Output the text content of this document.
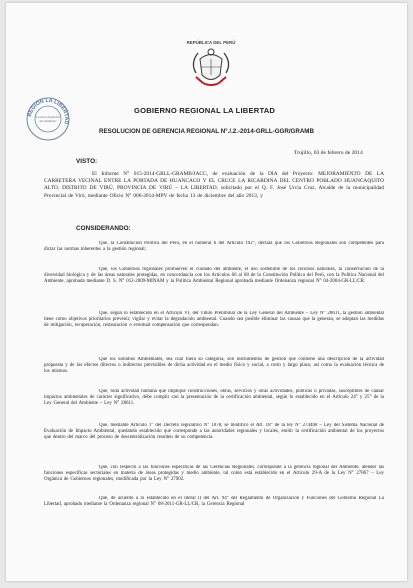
REGION LA LIBERTAD
Gerencia Regional
del Ambiente
REPÚBLICA DEL PERÚ
GOBIERNO REGIONAL LA LIBERTAD
RESOLUCION DE GERENCIA REGIONAL N°./.2.-2014-GRLL-GGR/GRAMB
Trujillo, 03 de febrero de 2014
VISTO:
El Informe N° 015-2014-GRLL-GRAMB/JACC, de evaluación de la DIA del Proyecto: MEJORAMIENTO DE LA CARRETERA VECINAL ENTRE LA PORTADA DE HUANCACO Y EL CRUCE LA RICARDINA DEL CENTRO POBLADO HUANCAQUITO ALTO, DISTRITO DE VIRÚ, PROVINCIA DE VIRÚ – LA LIBERTAD, solicitado por el Q. F. José Urcia Cruz, Alcalde de la municipalidad Provincial de Virú, mediante Oficio N° 006-2014-MPV de fecha 13 de diciembre del año 2013, y
CONSIDERANDO:
Que, la Constitución Política del Perú, en el numeral 6 del Artículo 192°, declara que los Gobiernos Regionales son competentes para dictar las normas inherentes a la gestión regional;
Que, los Gobiernos regionales promueven el cuidado del ambiente, el uso sostenible de los recursos naturales, la conservación de la diversidad biológica y de las áreas naturales protegidas, en concordancia con los Artículos 66 al 68 de la Constitución Política del Perú, con la Política Nacional del Ambiente, aprobada mediante D. S. N° 012-2009-MINAM y la Política Ambiental Regional aprobada mediante Ordenanza regional N° 04-2004-GR-LL/CR.
Que, según lo establecido en el Artículo VI, del Título Preliminar de la Ley General del Ambiente – Ley N° 28611, la gestión ambiental tiene como objetivos prioritarios prevenir, vigilar y evitar la degradación ambiental. Cuando sea posible eliminar las causas que la generan, se adoptan las medidas de mitigación, recuperación, restauración o eventual compensación que correspondan.
Que los Estudios Ambientales, sea cual fuera su categoría, son instrumentos de gestión que contiene una descripción de la actividad propuesta y de los efectos directos o indirectos previsibles de dicha actividad en el medio físico y social, a corto y largo plazo, así como la evaluación técnica de los mismos.
Que, toda actividad humana que implique construcciones, obras, servicios y otras actividades, públicas o privadas, susceptibles de causar impactos ambientales de carácter significativo, debe cumplir con la presentación de la certificación ambiental, según lo establecido en el Artículo 24° y 25° de la Ley General del Ambiente – Ley N° 28611.
Que, mediante Artículo 1° del Decreto legislativo N° 1078, se modificó el Art. 18° de la ley N° 274468 – Ley del Sistema Nacional de Evaluación de Impacto Ambiental, quedando establecido que corresponde a las autoridades regionales y locales, emitir la certificación ambiental de los proyectos que dentro del marco del proceso de descentralización resulten de su competencia.
Que, con respecto a las funciones específicas de las Gerencias Regionales, corresponde a la gerencia regional del Ambiente, atender las funciones específicas sectoriales en materia de áreas protegidas y medio ambiente, tal como está establecido en el Artículo 29-A de la Ley N° 27867 – Ley Orgánica de Gobiernos regionales, modificada por la Ley N° 27902.
Que, de acuerdo a lo establecido en el literal l) del Art. 94° del Reglamento de Organización y Funciones del Gobierno Regional La Libertad, aprobado mediante la Ordenanza regional N° 08-2011-GR-LL/CR, la Gerencia Regional
